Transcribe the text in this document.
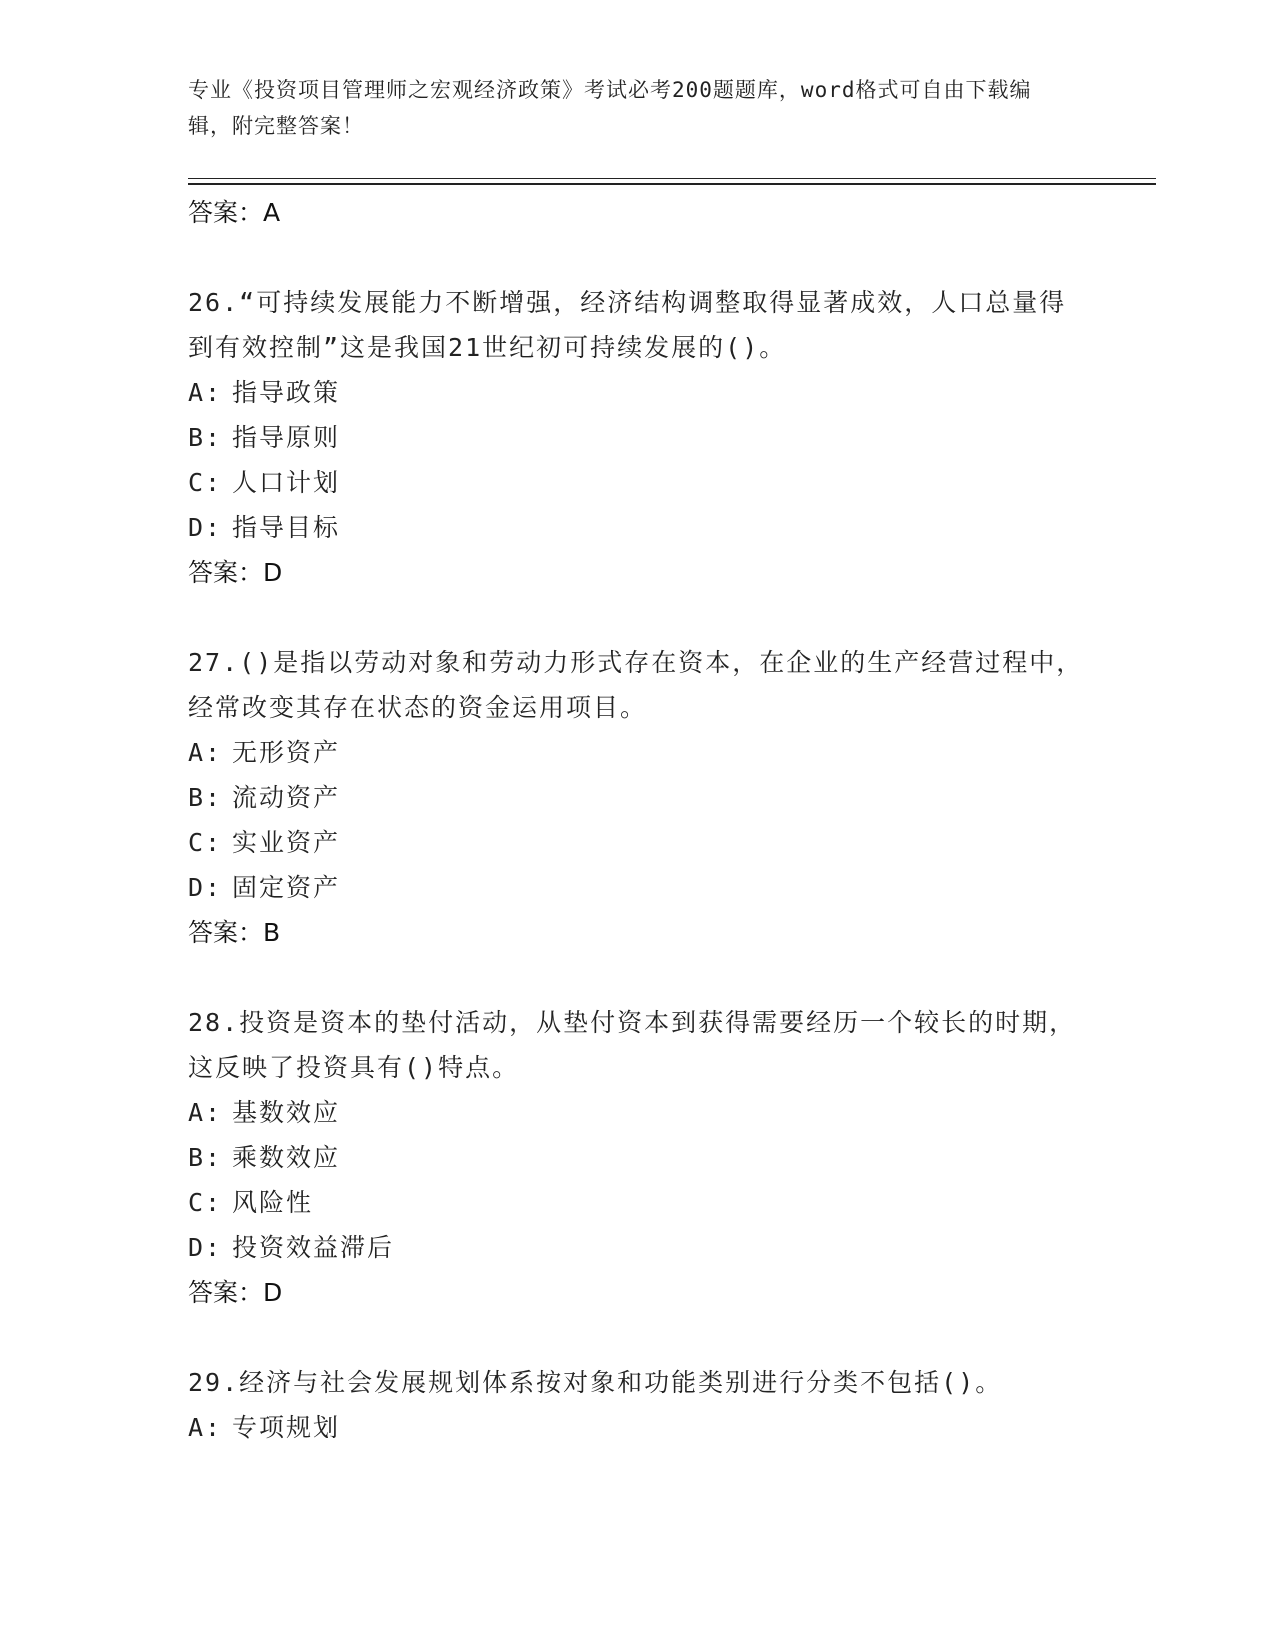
专业《投资项目管理师之宏观经济政策》考试必考200题题库，word格式可自由下载编辑，附完整答案！
答案：A
26.“可持续发展能力不断增强，经济结构调整取得显著成效，人口总量得到有效控制”这是我国21世纪初可持续发展的()。
A: 指导政策
B: 指导原则
C: 人口计划
D: 指导目标
答案：D
27.()是指以劳动对象和劳动力形式存在资本，在企业的生产经营过程中，经常改变其存在状态的资金运用项目。
A: 无形资产
B: 流动资产
C: 实业资产
D: 固定资产
答案：B
28.投资是资本的垫付活动，从垫付资本到获得需要经历一个较长的时期，这反映了投资具有()特点。
A: 基数效应
B: 乘数效应
C: 风险性
D: 投资效益滞后
答案：D
29.经济与社会发展规划体系按对象和功能类别进行分类不包括()。
A: 专项规划
